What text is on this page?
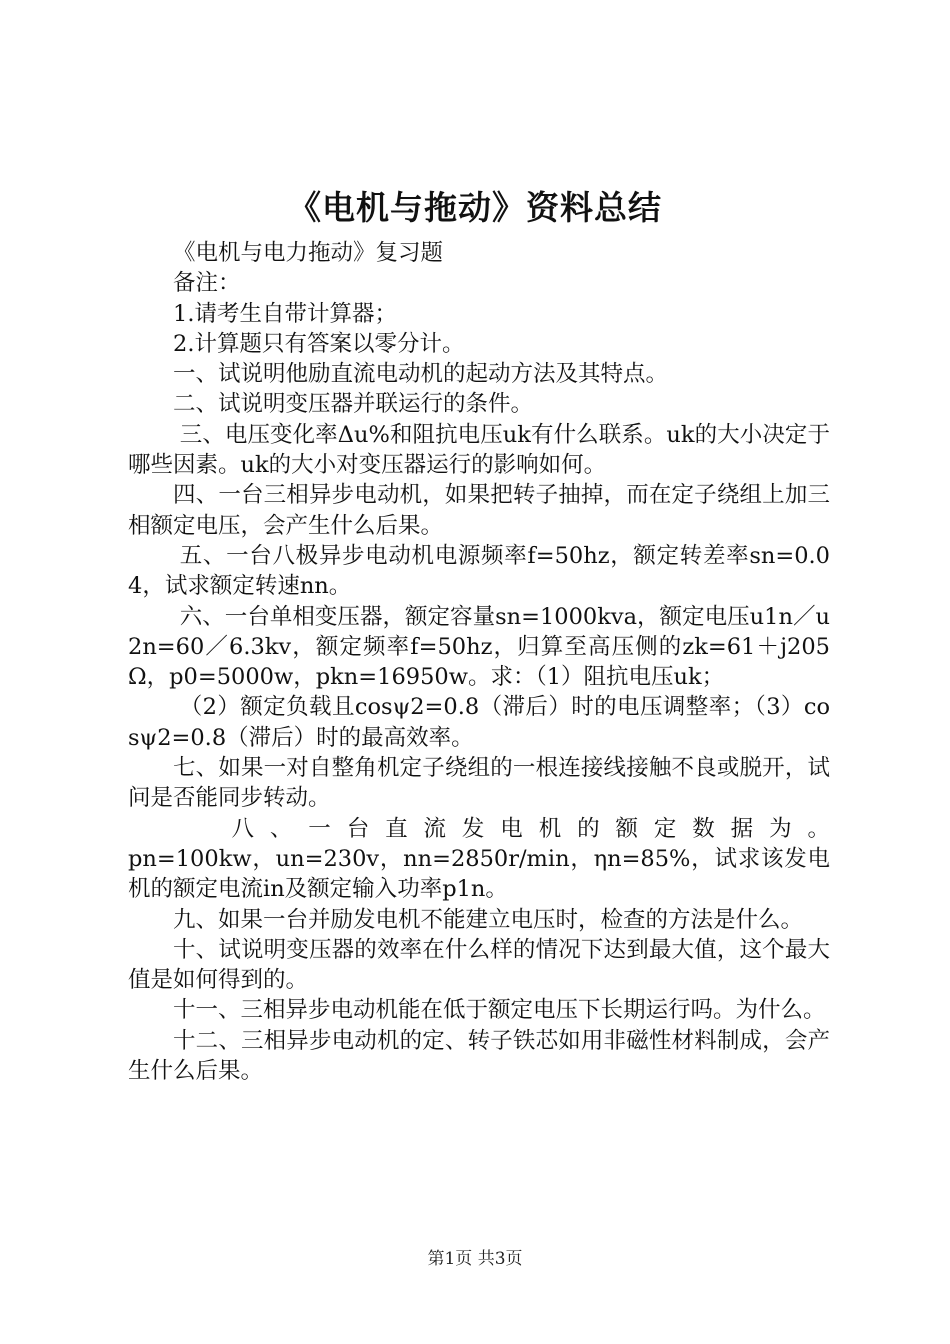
《电机与拖动》资料总结

《电机与电力拖动》复习题

备注：

1.请考生自带计算器；

2.计算题只有答案以零分计。

一、试说明他励直流电动机的起动方法及其特点。

二、试说明变压器并联运行的条件。

三、电压变化率Δu%和阻抗电压uk有什么联系。uk的大小决定于哪些因素。uk的大小对变压器运行的影响如何。

四、一台三相异步电动机，如果把转子抽掉，而在定子绕组上加三相额定电压，会产生什么后果。

五、一台八极异步电动机电源频率f=50hz，额定转差率sn=0.04，试求额定转速nn。

六、一台单相变压器，额定容量sn=1000kva，额定电压u1n／u2n=60／6.3kv，额定频率f=50hz，归算至高压侧的zk=61＋j205Ω，p0=5000w，pkn=16950w。求：（1）阻抗电压uk；

（2）额定负载且cosψ2=0.8（滞后）时的电压调整率；（3）cosψ2=0.8（滞后）时的最高效率。

七、如果一对自整角机定子绕组的一根连接线接触不良或脱开，试问是否能同步转动。

八、一台直流发电机的额定数据为。

pn=100kw，un=230v，nn=2850r/min，ηn=85%，试求该发电机的额定电流in及额定输入功率p1n。

九、如果一台并励发电机不能建立电压时，检查的方法是什么。

十、试说明变压器的效率在什么样的情况下达到最大值，这个最大值是如何得到的。

十一、三相异步电动机能在低于额定电压下长期运行吗。为什么。

十二、三相异步电动机的定、转子铁芯如用非磁性材料制成，会产生什么后果。

第1页 共3页
